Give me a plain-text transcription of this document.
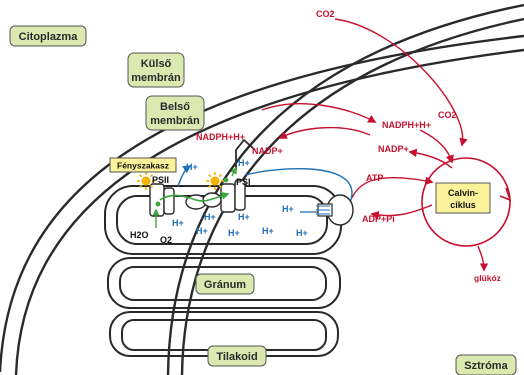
Citoplazma
Külső
membrán
Belső
membrán
Fényszakasz
Gránum
Tilakoid
Sztróma
Calvin-
ciklus
PSII	PSI
CO2
CO2
NADPH+H+
NADP+
NADPH+H+
NADP+
ATP
ADP+Pi
glükóz
H2O O2
H+	H+
H+
H+
H+
H+
H+ H+
H+
H+
